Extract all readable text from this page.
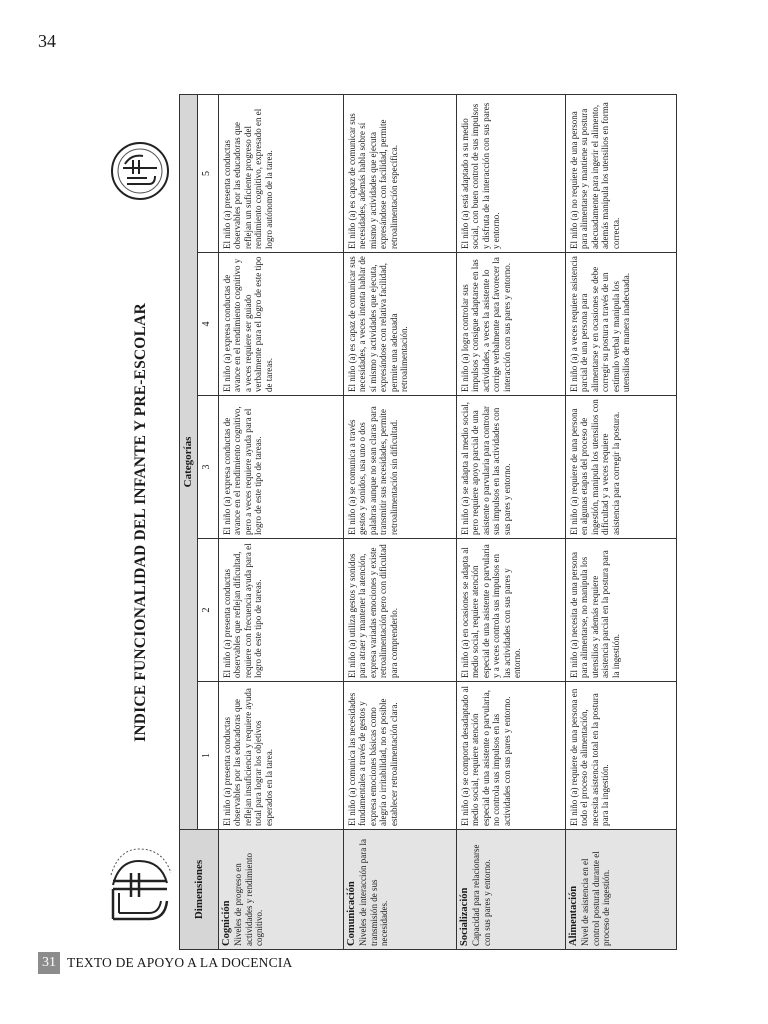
34
INDICE FUNCIONALIDAD DEL INFANTE Y PRE-ESCOLAR
Dimensiones	Categorías				
	1	2	3	4	5

Cognición Niveles de progreso en actividades y rendimiento cognitivo.	El niño (a) presenta conductas observables por las educadoras que reflejan insuficiencia y requiere ayuda total para lograr los objetivos esperados en la tarea.	El niño (a) presenta conductas observables que reflejan dificultad, requiere con frecuencia ayuda para el logro de este tipo de tareas.	El niño (a) expresa conductas de avance en el rendimiento cognitivo, pero a veces requiere ayuda para el logro de este tipo de tareas.	El niño (a) expresa conductas de avance en el rendimiento cognitivo y a veces requiere ser guiado verbalmente para el logro de este tipo de tareas.	El niño (a) presenta conductas observables por las educadoras que reflejan un suficiente progreso del rendimiento cognitivo, expresado en el logro autónomo de la tarea.

Comunicación Niveles de interacción para la transmisión de sus necesidades.	El niño (a) comunica las necesidades fundamentales a través de gestos y expresa emociones básicas como alegría o irritabilidad, no es posible establecer retroalimentación clara.	El niño (a) utiliza gestos y sonidos para atraer y mantener la atención, expresa variadas emociones y existe retroalimentación pero con dificultad para comprenderlo.	El niño (a) se comunica a través gestos y sonidos, usa uno o dos palabras aunque no sean claras para transmitir sus necesidades, permite retroalimentación sin dificultad.	El niño (a) es capaz de comunicar sus necesidades, a veces intenta hablar de sí mismo y actividades que ejecuta, expresándose con relativa facilidad, permite una adecuada retroalimentación.	El niño (a) es capaz de comunicar sus necesidades, además habla sobre sí mismo y actividades que ejecuta expresándose con facilidad, permite retroalimentación específica.

Socialización Capacidad para relacionarse con sus pares y entorno.	El niño (a) se comporta desadaptado al medio social, requiere atención especial de una asistente o parvularia, no controla sus impulsos en las actividades con sus pares y entorno.	El niño (a) en ocasiones se adapta al medio social, requiere atención especial de una asistente o parvularia y a veces controla sus impulsos en las actividades con sus pares y entorno.	El niño (a) se adapta al medio social, pero requiere apoyo parcial de una asistente o parvularia para controlar sus impulsos en las actividades con sus pares y entorno.	El niño (a) logra controlar sus impulsos y consigue adaptarse en las actividades, a veces la asistente lo corrige verbalmente para favorecer la interacción con sus pares y entorno.	El niño (a) está adaptado a su medio social, con buen control de sus impulsos y disfruta de la interacción con sus pares y entorno.

Alimentación Nivel de asistencia en el control postural durante el proceso de ingestión.	El niño (a) requiere de una persona en todo el proceso de alimentación, necesita asistencia total en la postura para la ingestión.	El niño (a) necesita de una persona para alimentarse, no manipula los utensilios y además requiere asistencia parcial en la postura para la ingestión.	El niño (a) requiere de una persona en algunas etapas del proceso de ingestión, manipula los utensilios con dificultad y a veces requiere asistencia para corregir la postura.	El niño (a) a veces requiere asistencia parcial de una persona para alimentarse y en ocasiones se debe corregir su postura a través de un estímulo verbal y manipula los utensilios de manera inadecuada.	El niño (a) no requiere de una persona para alimentarse y mantiene su postura adecuadamente para ingerir el alimento, además manipula los utensilios en forma correcta.
31 TEXTO DE APOYO A LA DOCENCIA
